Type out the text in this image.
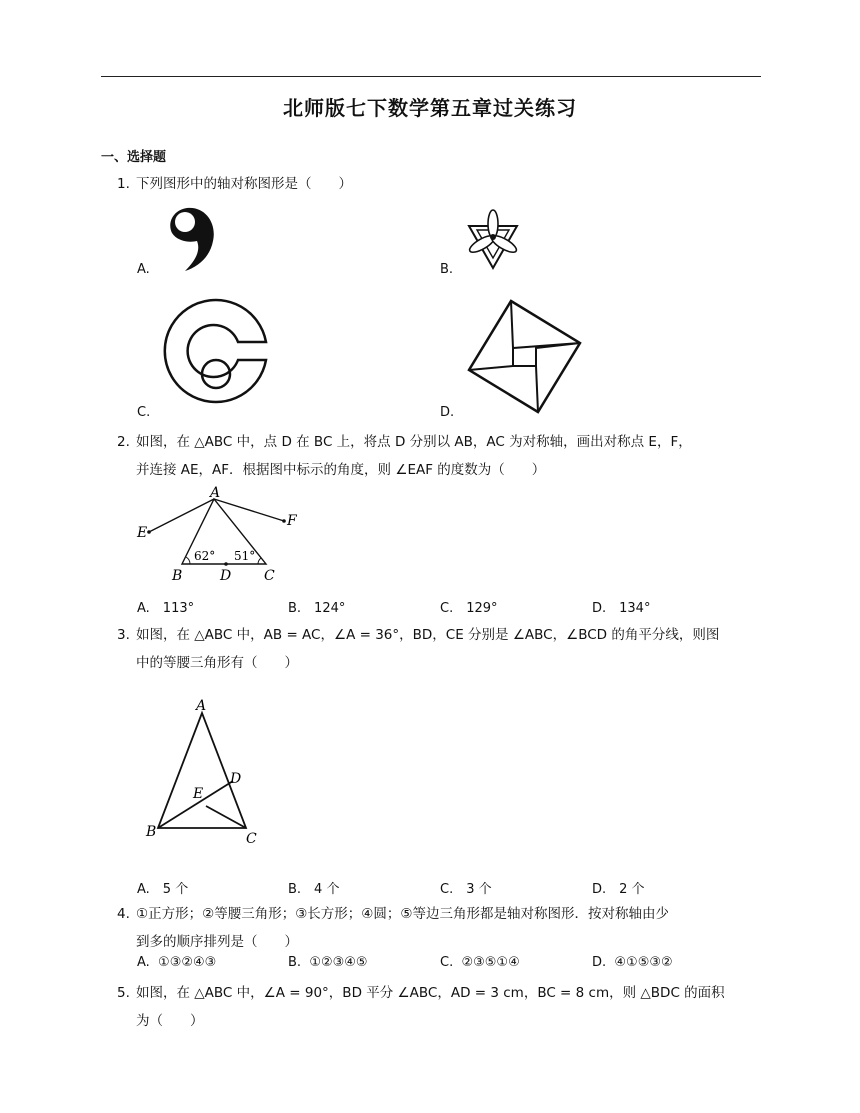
北师版七下数学第五章过关练习
一、选择题
1. 下列图形中的轴对称图形是（　　）
A.	B.
C.	D.
2. 如图，在 △ABC 中，点 D 在 BC 上，将点 D 分别以 AB，AC 为对称轴，画出对称点 E，F，
并连接 AE，AF．根据图中标示的角度，则 ∠EAF 的度数为（　　）
A
E
F
B	D C
62° 51°
A.　113°	B.　124°	C.　129°	D.　134°
3. 如图，在 △ABC 中，AB = AC，∠A = 36°，BD，CE 分别是 ∠ABC，∠BCD 的角平分线，则图
中的等腰三角形有（　　）
A
B	C
D
E
A.　5 个	B.　4 个	C.　3 个	D.　2 个
4. ①正方形；②等腰三角形；③长方形；④圆；⑤等边三角形都是轴对称图形．按对称轴由少
到多的顺序排列是（　　）
A.  ①③②④③	B.  ①②③④⑤	C.  ②③⑤①④	D.  ④①⑤③②
5. 如图，在 △ABC 中，∠A = 90°，BD 平分 ∠ABC，AD = 3 cm，BC = 8 cm，则 △BDC 的面积
为（　　）
